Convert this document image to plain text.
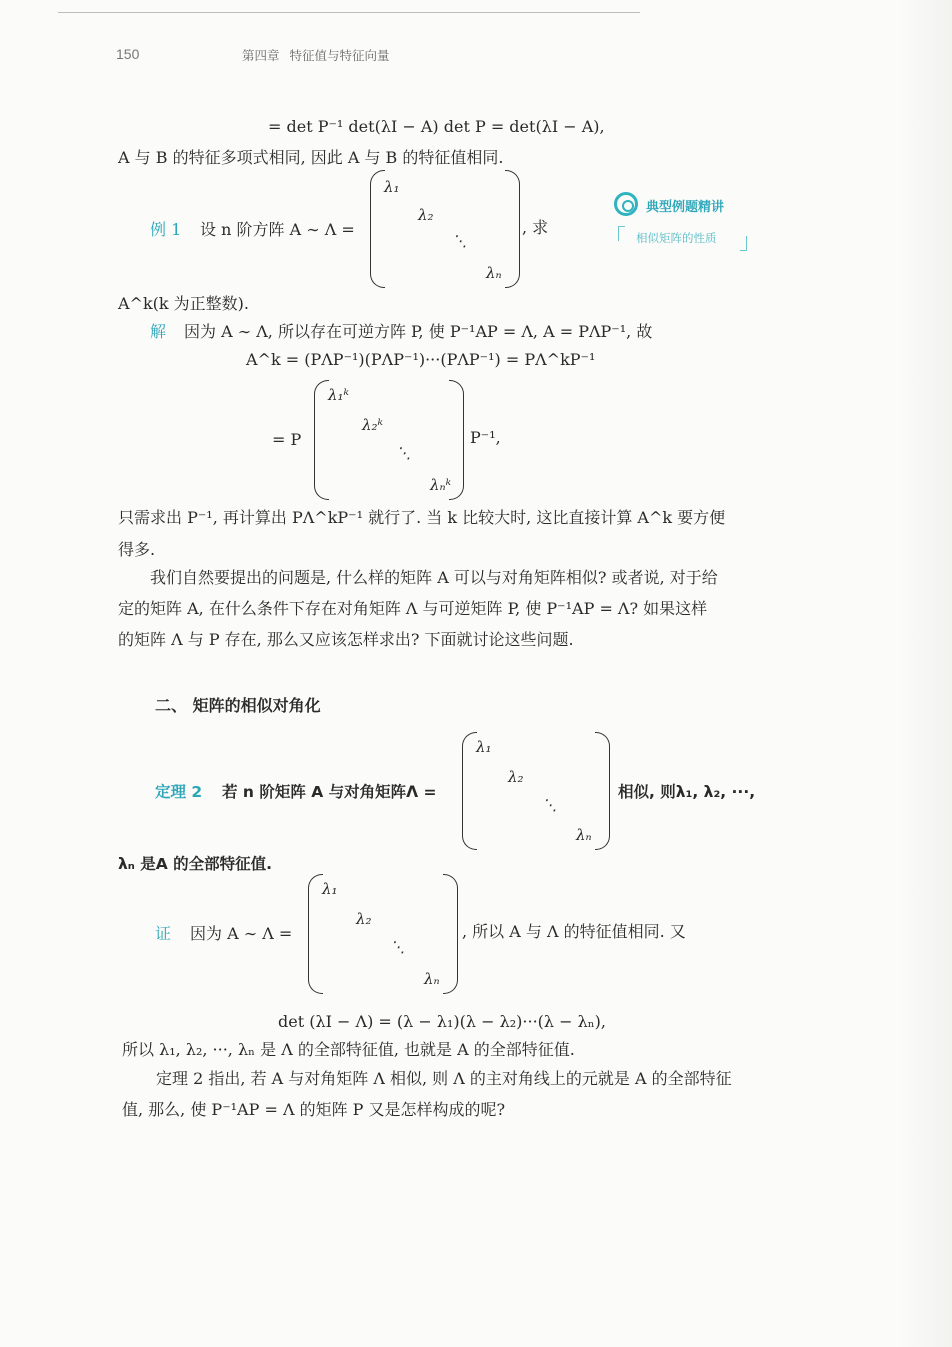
150	第四章 特征值与特征向量
= det P⁻¹ det(λI − A) det P = det(λI − A),
A 与 B 的特征多项式相同, 因此 A 与 B 的特征值相同.
例 1 设 n 阶方阵 A ∼ Λ =
λ₁
λ₂
⋱
λₙ
, 求
A^k(k 为正整数).
典型例题精讲
相似矩阵的性质
解 因为 A ∼ Λ, 所以存在可逆方阵 P, 使 P⁻¹AP = Λ, A = PΛP⁻¹, 故
A^k = (PΛP⁻¹)(PΛP⁻¹)···(PΛP⁻¹) = PΛ^kP⁻¹
= P
λ₁ᵏ
λ₂ᵏ
⋱
λₙᵏ
P⁻¹,
只需求出 P⁻¹, 再计算出 PΛ^kP⁻¹ 就行了. 当 k 比较大时, 这比直接计算 A^k 要方便
得多.
我们自然要提出的问题是, 什么样的矩阵 A 可以与对角矩阵相似? 或者说, 对于给
定的矩阵 A, 在什么条件下存在对角矩阵 Λ 与可逆矩阵 P, 使 P⁻¹AP = Λ? 如果这样
的矩阵 Λ 与 P 存在, 那么又应该怎样求出? 下面就讨论这些问题.
二、 矩阵的相似对角化
定理 2 若 n 阶矩阵 A 与对角矩阵Λ =
λ₁
λ₂
⋱
λₙ
相似, 则λ₁, λ₂, ···,
λₙ 是A 的全部特征值.
证 因为 A ∼ Λ =
λ₁
λ₂
⋱
λₙ
, 所以 A 与 Λ 的特征值相同. 又
det (λI − Λ) = (λ − λ₁)(λ − λ₂)···(λ − λₙ),
所以 λ₁, λ₂, ···, λₙ 是 Λ 的全部特征值, 也就是 A 的全部特征值.
定理 2 指出, 若 A 与对角矩阵 Λ 相似, 则 Λ 的主对角线上的元就是 A 的全部特征
值, 那么, 使 P⁻¹AP = Λ 的矩阵 P 又是怎样构成的呢?
